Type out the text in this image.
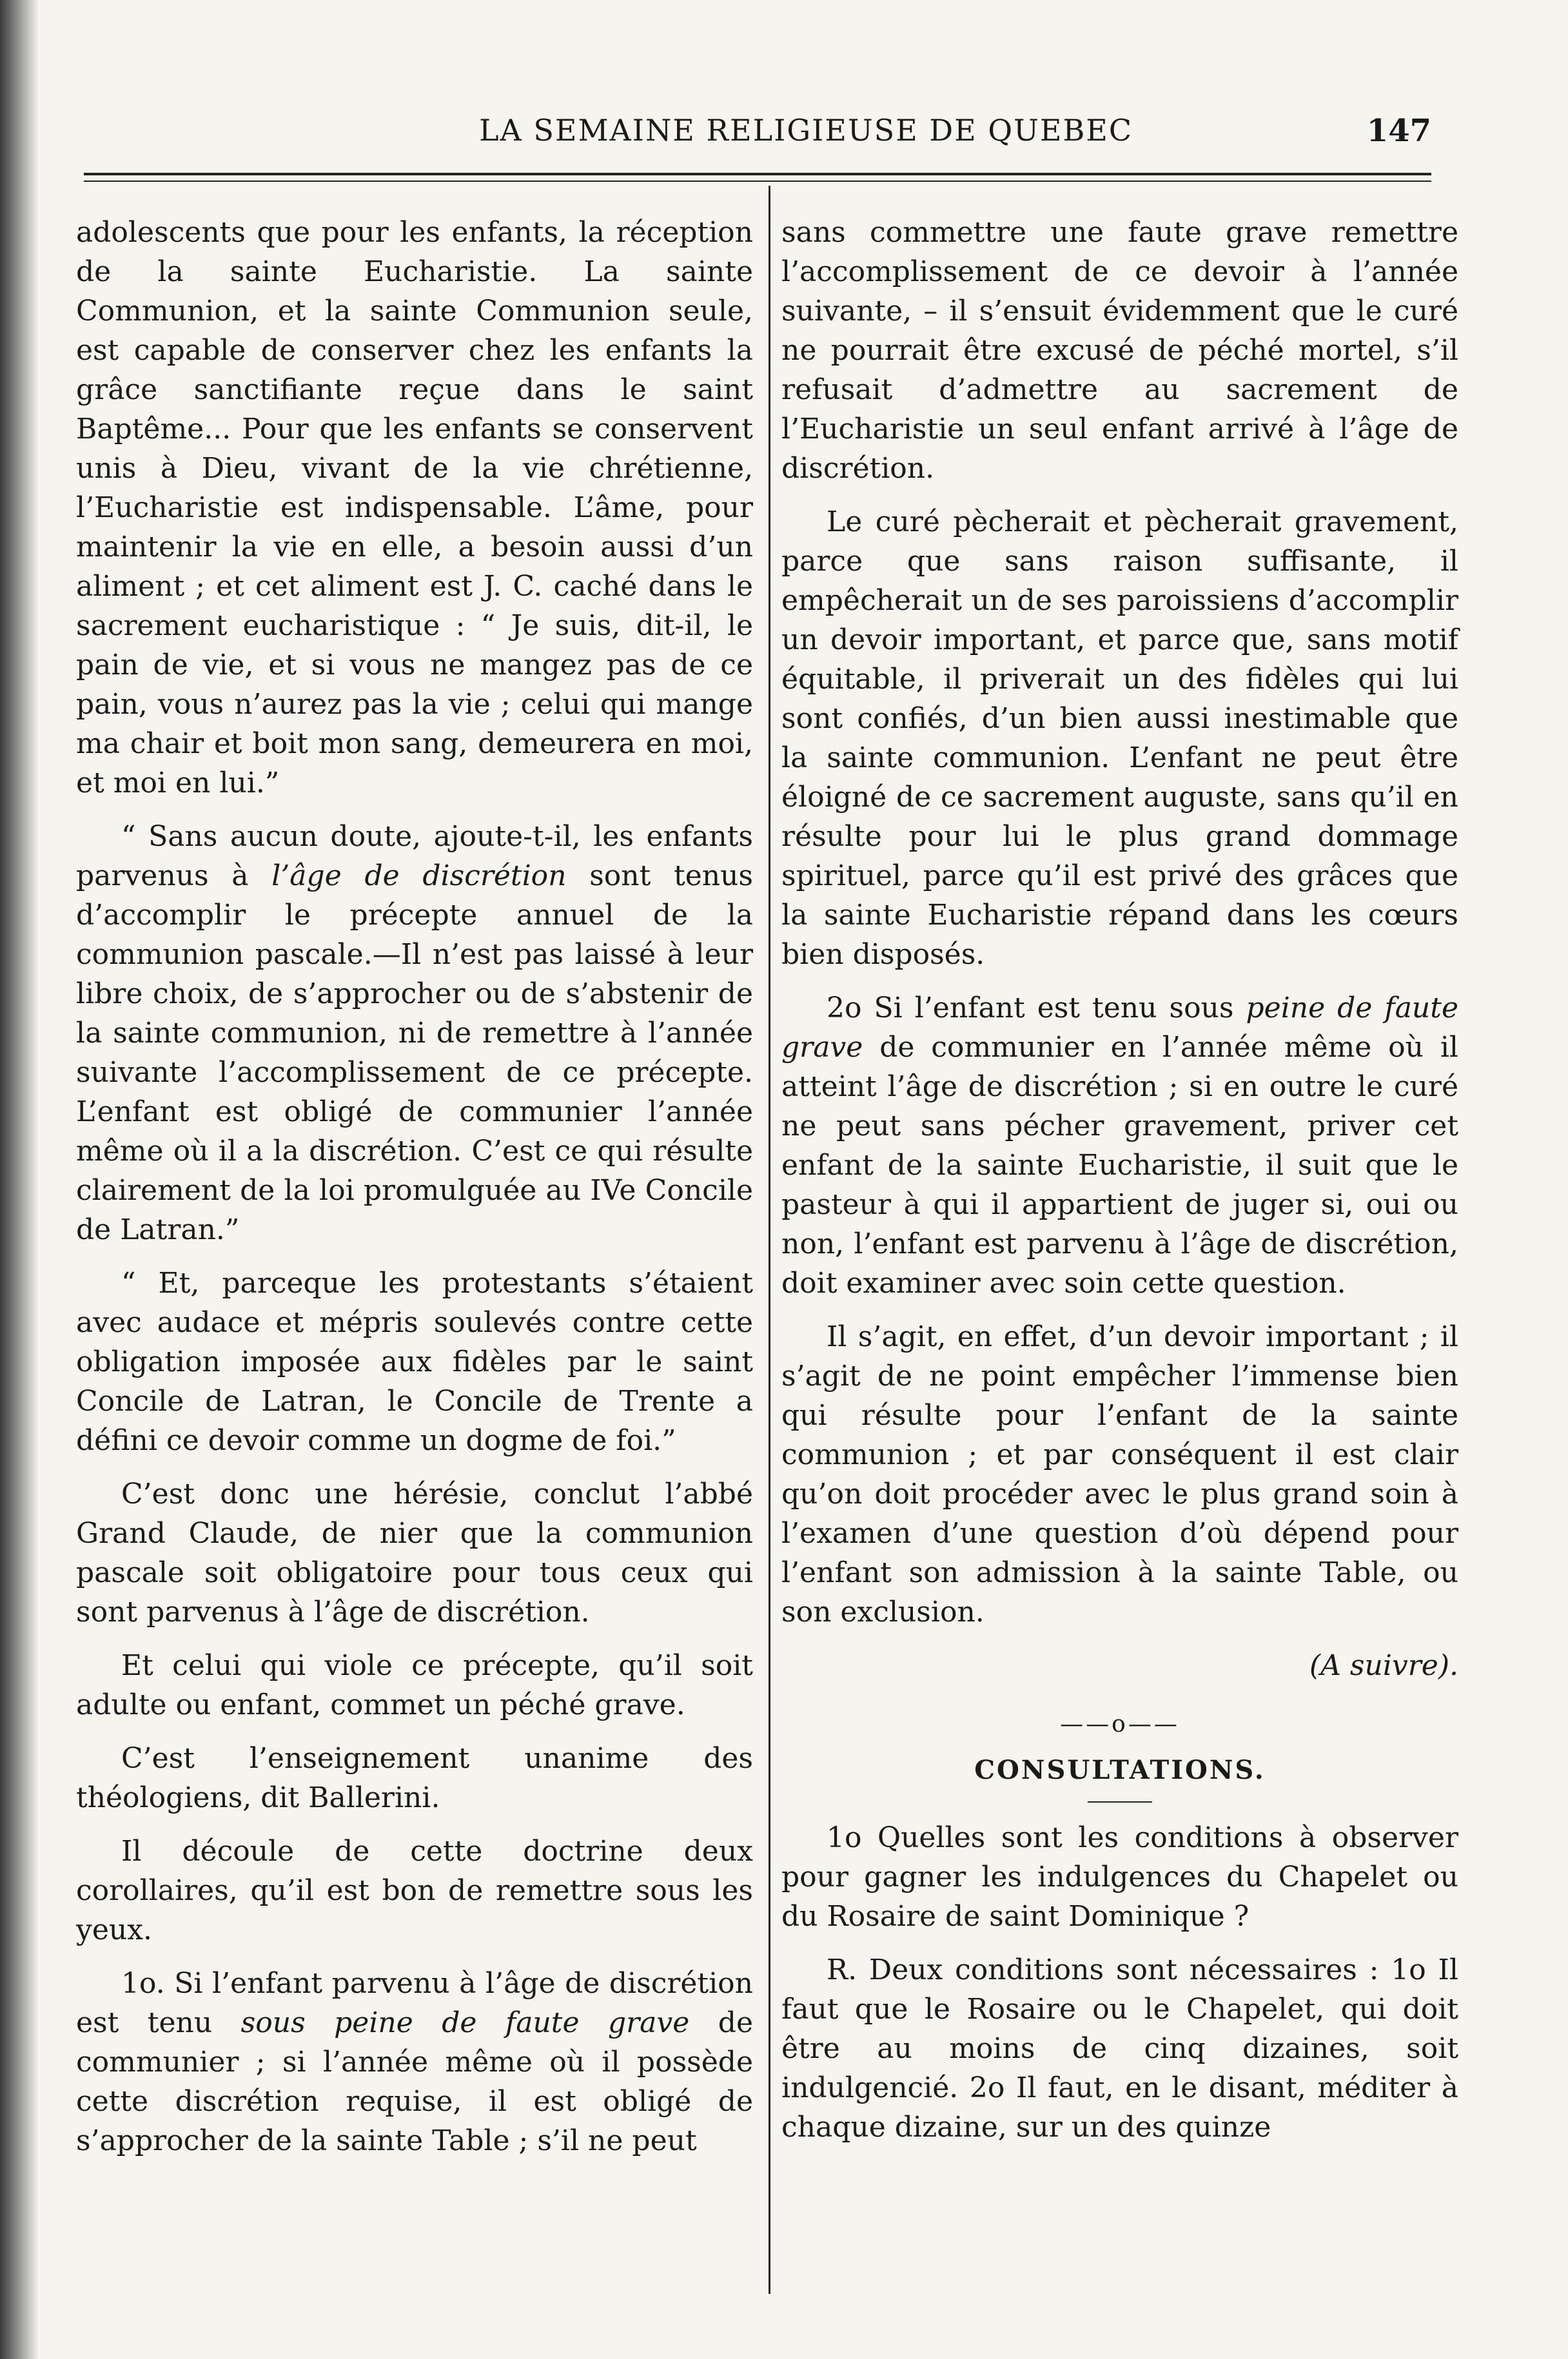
LA SEMAINE RELIGIEUSE DE QUEBEC	147

adolescents que pour les enfants, la réception de la sainte Eucharistie. La sainte Communion, et la sainte Communion seule, est capable de conserver chez les enfants la grâce sanctifiante reçue dans le saint Baptême... Pour que les enfants se conservent unis à Dieu, vivant de la vie chrétienne, l’Eucharistie est indispensable. L’âme, pour maintenir la vie en elle, a besoin aussi d’un aliment ; et cet aliment est J. C. caché dans le sacrement eucharistique : “ Je suis, dit-il, le pain de vie, et si vous ne mangez pas de ce pain, vous n’aurez pas la vie ; celui qui mange ma chair et boit mon sang, demeurera en moi, et moi en lui.”

“ Sans aucun doute, ajoute-t-il, les enfants parvenus à l’âge de discrétion sont tenus d’accomplir le précepte annuel de la communion pascale.—Il n’est pas laissé à leur libre choix, de s’approcher ou de s’abstenir de la sainte communion, ni de remettre à l’année suivante l’accomplissement de ce précepte. L’enfant est obligé de communier l’année même où il a la discrétion. C’est ce qui résulte clairement de la loi promulguée au IVe Concile de Latran.”

“ Et, parceque les protestants s’étaient avec audace et mépris soulevés contre cette obligation imposée aux fidèles par le saint Concile de Latran, le Concile de Trente a défini ce devoir comme un dogme de foi.”

C’est donc une hérésie, conclut l’abbé Grand Claude, de nier que la communion pascale soit obligatoire pour tous ceux qui sont parvenus à l’âge de discrétion.

Et celui qui viole ce précepte, qu’il soit adulte ou enfant, commet un péché grave.

C’est l’enseignement unanime des théologiens, dit Ballerini.

Il découle de cette doctrine deux corollaires, qu’il est bon de remettre sous les yeux.

1o. Si l’enfant parvenu à l’âge de discrétion est tenu sous peine de faute grave de communier ; si l’année même où il possède cette discrétion requise, il est obligé de s’approcher de la sainte Table ; s’il ne peut

sans commettre une faute grave remettre l’accomplissement de ce devoir à l’année suivante, – il s’ensuit évidemment que le curé ne pourrait être excusé de péché mortel, s’il refusait d’admettre au sacrement de l’Eucharistie un seul enfant arrivé à l’âge de discrétion.

Le curé pècherait et pècherait gravement, parce que sans raison suffisante, il empêcherait un de ses paroissiens d’accomplir un devoir important, et parce que, sans motif équitable, il priverait un des fidèles qui lui sont confiés, d’un bien aussi inestimable que la sainte communion. L’enfant ne peut être éloigné de ce sacrement auguste, sans qu’il en résulte pour lui le plus grand dommage spirituel, parce qu’il est privé des grâces que la sainte Eucharistie répand dans les cœurs bien disposés.

2o Si l’enfant est tenu sous peine de faute grave de communier en l’année même où il atteint l’âge de discrétion ; si en outre le curé ne peut sans pécher gravement, priver cet enfant de la sainte Eucharistie, il suit que le pasteur à qui il appartient de juger si, oui ou non, l’enfant est parvenu à l’âge de discrétion, doit examiner avec soin cette question.

Il s’agit, en effet, d’un devoir important ; il s’agit de ne point empêcher l’immense bien qui résulte pour l’enfant de la sainte communion ; et par conséquent il est clair qu’on doit procéder avec le plus grand soin à l’examen d’une question d’où dépend pour l’enfant son admission à la sainte Table, ou son exclusion.

(A suivre).

——o——
CONSULTATIONS.

1o Quelles sont les conditions à observer pour gagner les indulgences du Chapelet ou du Rosaire de saint Dominique ?

R. Deux conditions sont nécessaires : 1o Il faut que le Rosaire ou le Chapelet, qui doit être au moins de cinq dizaines, soit indulgencié. 2o Il faut, en le disant, méditer à chaque dizaine, sur un des quinze
